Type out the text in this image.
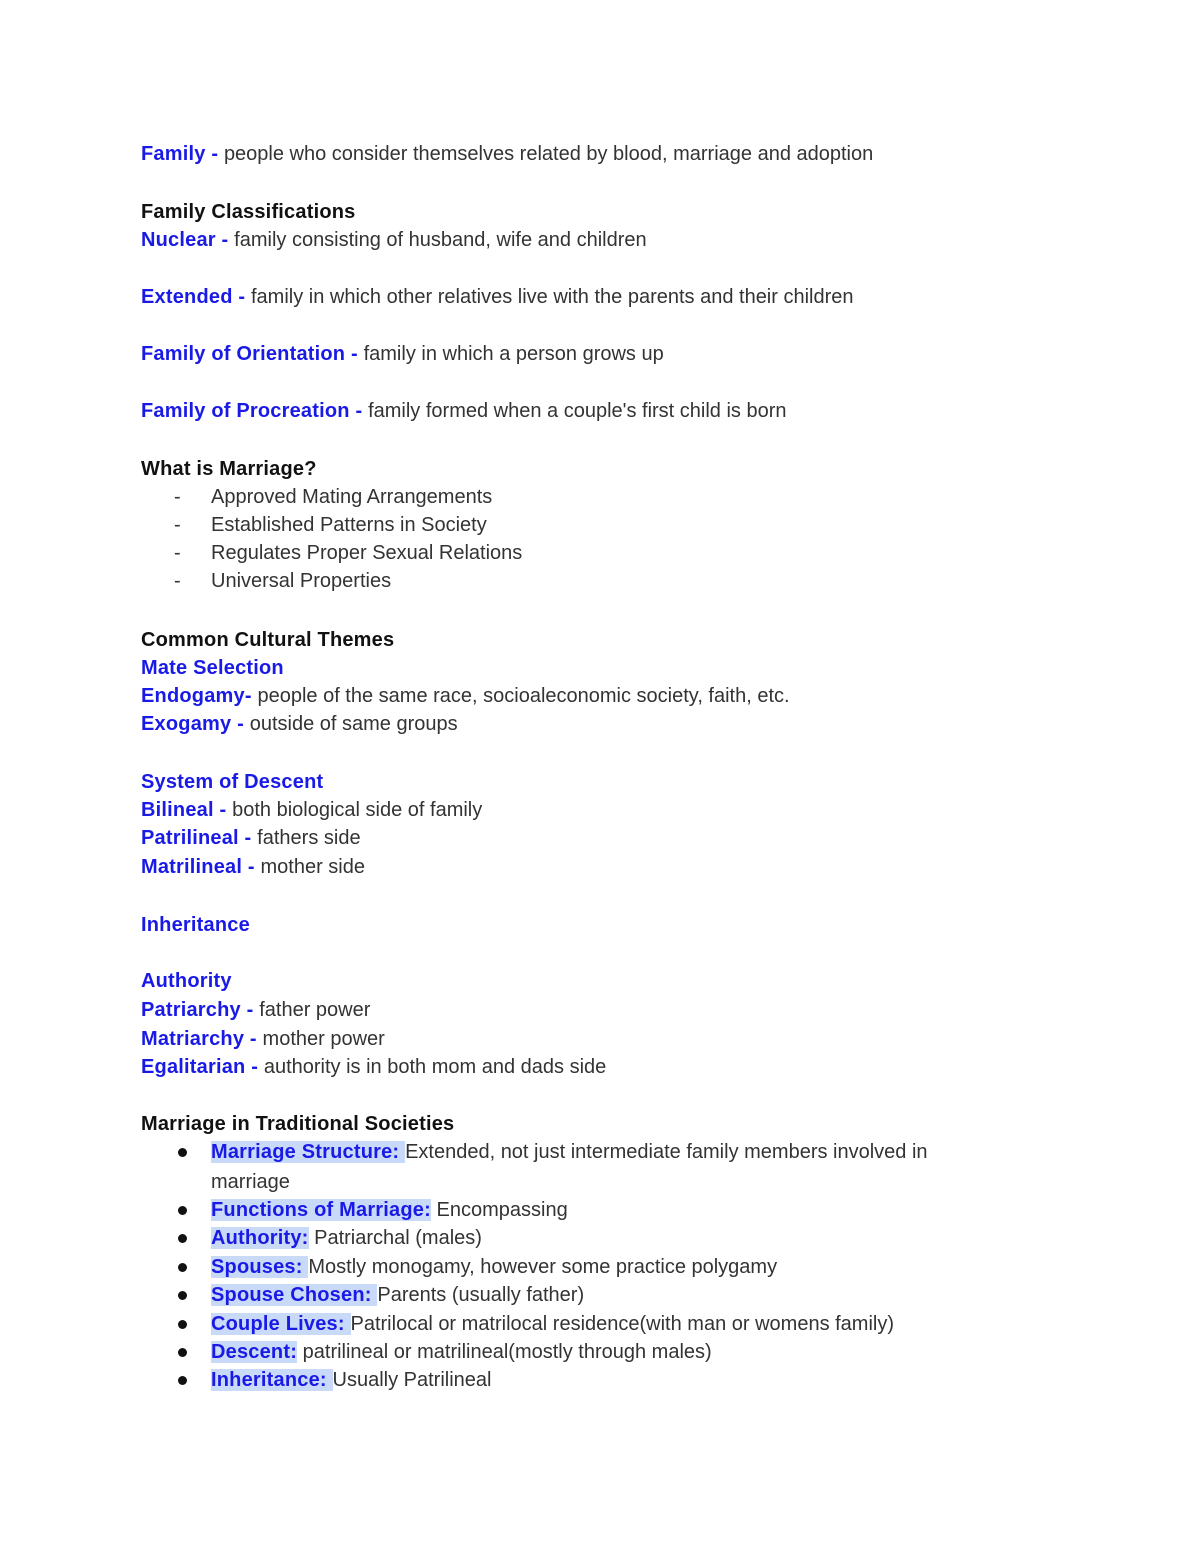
Family - people who consider themselves related by blood, marriage and adoption
Family Classifications
Nuclear - family consisting of husband, wife and children
Extended - family in which other relatives live with the parents and their children
Family of Orientation - family in which a person grows up
Family of Procreation - family formed when a couple's first child is born
What is Marriage?
- Approved Mating Arrangements
- Established Patterns in Society
- Regulates Proper Sexual Relations
- Universal Properties
Common Cultural Themes
Mate Selection
Endogamy- people of the same race, socioaleconomic society, faith, etc.
Exogamy - outside of same groups
System of Descent
Bilineal - both biological side of family
Patrilineal - fathers side
Matrilineal - mother side
Inheritance
Authority
Patriarchy - father power
Matriarchy - mother power
Egalitarian - authority is in both mom and dads side
Marriage in Traditional Societies
Marriage Structure: Extended, not just intermediate family members involved in marriage
Functions of Marriage: Encompassing
Authority: Patriarchal (males)
Spouses: Mostly monogamy, however some practice polygamy
Spouse Chosen: Parents (usually father)
Couple Lives: Patrilocal or matrilocal residence(with man or womens family)
Descent: patrilineal or matrilineal(mostly through males)
Inheritance: Usually Patrilineal
